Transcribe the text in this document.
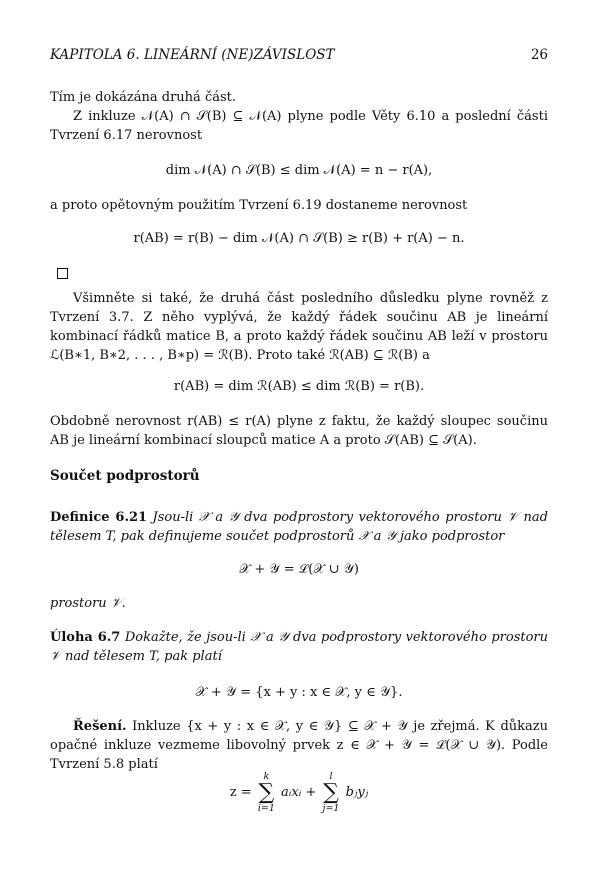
KAPITOLA 6. LINEÁRNÍ (NE)ZÁVISLOST	26
Tím je dokázána druhá část.
Z inkluze 𝒩(A) ∩ 𝒮(B) ⊆ 𝒩(A) plyne podle Věty 6.10 a poslední části Tvrzení 6.17 nerovnost
dim 𝒩(A) ∩ 𝒮(B) ≤ dim 𝒩(A) = n − r(A),
a proto opětovným použitím Tvrzení 6.19 dostaneme nerovnost
r(AB) = r(B) − dim 𝒩(A) ∩ 𝒮(B) ≥ r(B) + r(A) − n.
Všimněte si také, že druhá část posledního důsledku plyne rovněž z Tvrzení 3.7. Z něho vyplývá, že každý řádek součinu AB je lineární kombinací řádků matice B, a proto každý řádek součinu AB leží v prostoru ℒ(B∗1, B∗2, . . . , B∗p) = ℛ(B). Proto také ℛ(AB) ⊆ ℛ(B) a
r(AB) = dim ℛ(AB) ≤ dim ℛ(B) = r(B).
Obdobně nerovnost r(AB) ≤ r(A) plyne z faktu, že každý sloupec součinu AB je lineární kombinací sloupců matice A a proto 𝒮(AB) ⊆ 𝒮(A).
Součet podprostorů
Definice 6.21 Jsou-li 𝒳 a 𝒴 dva podprostory vektorového prostoru 𝒱 nad tělesem T, pak definujeme součet podprostorů 𝒳 a 𝒴 jako podprostor
𝒳 + 𝒴 = ℒ(𝒳 ∪ 𝒴)
prostoru 𝒱.
Úloha 6.7 Dokažte, že jsou-li 𝒳 a 𝒴 dva podprostory vektorového prostoru 𝒱 nad tělesem T, pak platí
𝒳 + 𝒴 = {x + y : x ∈ 𝒳, y ∈ 𝒴}.
Řešení. Inkluze {x + y : x ∈ 𝒳, y ∈ 𝒴} ⊆ 𝒳 + 𝒴 je zřejmá. K důkazu opačné inkluze vezmeme libovolný prvek z ∈ 𝒳 + 𝒴 = ℒ(𝒳 ∪ 𝒴). Podle Tvrzení 5.8 platí
z =
k
∑
i=1
aᵢxᵢ +
l
∑
j=1
bⱼyⱼ
